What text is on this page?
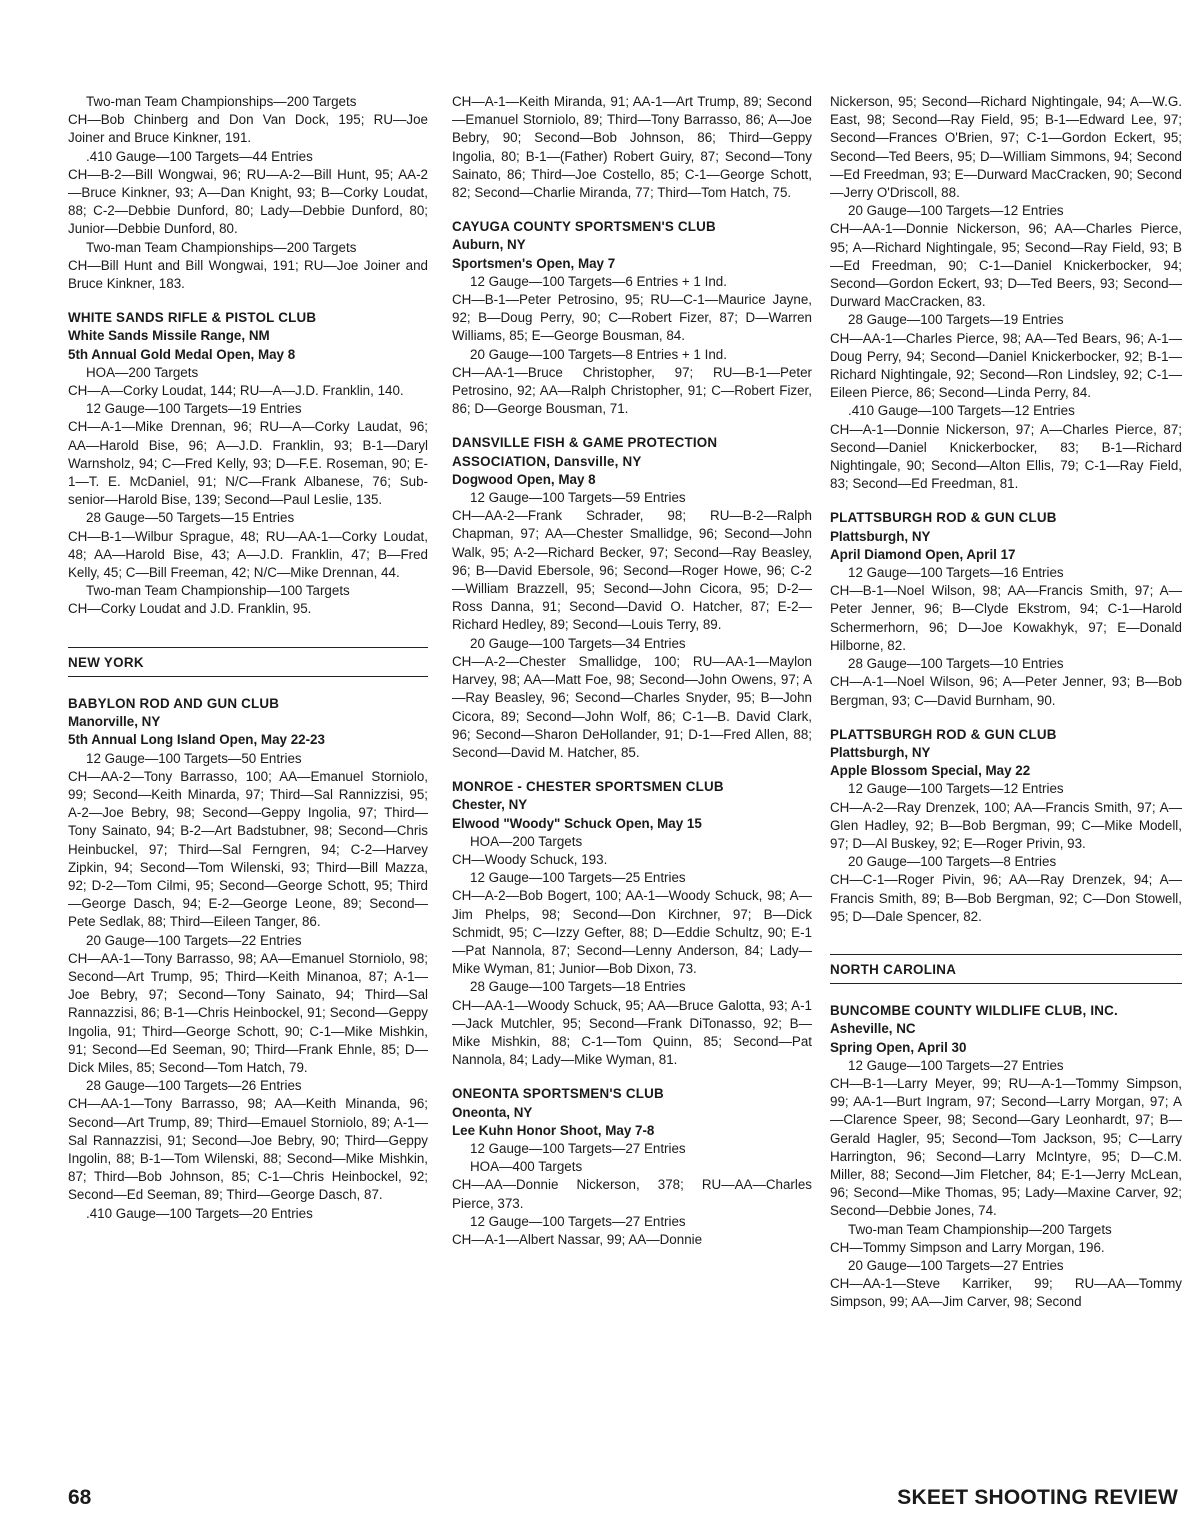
Two-man Team Championships—200 Targets

CH—Bob Chinberg and Don Van Dock, 195; RU—Joe Joiner and Bruce Kinkner, 191.

.410 Gauge—100 Targets—44 Entries

CH—B-2—Bill Wongwai, 96; RU—A-2—Bill Hunt, 95; AA-2—Bruce Kinkner, 93; A—Dan Knight, 93; B—Corky Loudat, 88; C-2—Debbie Dunford, 80; Lady—Debbie Dunford, 80; Junior—Debbie Dunford, 80.

Two-man Team Championships—200 Targets

CH—Bill Hunt and Bill Wongwai, 191; RU—Joe Joiner and Bruce Kinkner, 183.

WHITE SANDS RIFLE & PISTOL CLUB

White Sands Missile Range, NM

5th Annual Gold Medal Open, May 8

HOA—200 Targets

CH—A—Corky Loudat, 144; RU—A—J.D. Franklin, 140.

12 Gauge—100 Targets—19 Entries

CH—A-1—Mike Drennan, 96; RU—A—Corky Laudat, 96; AA—Harold Bise, 96; A—J.D. Franklin, 93; B-1—Daryl Warnsholz, 94; C—Fred Kelly, 93; D—F.E. Roseman, 90; E-1—T. E. McDaniel, 91; N/C—Frank Albanese, 76; Sub-senior—Harold Bise, 139; Second—Paul Leslie, 135.

28 Gauge—50 Targets—15 Entries

CH—B-1—Wilbur Sprague, 48; RU—AA-1—Corky Loudat, 48; AA—Harold Bise, 43; A—J.D. Franklin, 47; B—Fred Kelly, 45; C—Bill Freeman, 42; N/C—Mike Drennan, 44.

Two-man Team Championship—100 Targets

CH—Corky Loudat and J.D. Franklin, 95.

NEW YORK

BABYLON ROD AND GUN CLUB

Manorville, NY

5th Annual Long Island Open, May 22-23

12 Gauge—100 Targets—50 Entries

CH—AA-2—Tony Barrasso, 100; AA—Emanuel Storniolo, 99; Second—Keith Minarda, 97; Third—Sal Rannizzisi, 95; A-2—Joe Bebry, 98; Second—Geppy Ingolia, 97; Third—Tony Sainato, 94; B-2—Art Badstubner, 98; Second—Chris Heinbuckel, 97; Third—Sal Ferngren, 94; C-2—Harvey Zipkin, 94; Second—Tom Wilenski, 93; Third—Bill Mazza, 92; D-2—Tom Cilmi, 95; Second—George Schott, 95; Third—George Dasch, 94; E-2—George Leone, 89; Second—Pete Sedlak, 88; Third—Eileen Tanger, 86.

20 Gauge—100 Targets—22 Entries

CH—AA-1—Tony Barrasso, 98; AA—Emanuel Storniolo, 98; Second—Art Trump, 95; Third—Keith Minanoa, 87; A-1—Joe Bebry, 97; Second—Tony Sainato, 94; Third—Sal Rannazzisi, 86; B-1—Chris Heinbockel, 91; Second—Geppy Ingolia, 91; Third—George Schott, 90; C-1—Mike Mishkin, 91; Second—Ed Seeman, 90; Third—Frank Ehnle, 85; D—Dick Miles, 85; Second—Tom Hatch, 79.

28 Gauge—100 Targets—26 Entries

CH—AA-1—Tony Barrasso, 98; AA—Keith Minanda, 96; Second—Art Trump, 89; Third—Emauel Storniolo, 89; A-1—Sal Rannazzisi, 91; Second—Joe Bebry, 90; Third—Geppy Ingolin, 88; B-1—Tom Wilenski, 88; Second—Mike Mishkin, 87; Third—Bob Johnson, 85; C-1—Chris Heinbockel, 92; Second—Ed Seeman, 89; Third—George Dasch, 87.

.410 Gauge—100 Targets—20 Entries

CH—A-1—Keith Miranda, 91; AA-1—Art Trump, 89; Second—Emanuel Storniolo, 89; Third—Tony Barrasso, 86; A—Joe Bebry, 90; Second—Bob Johnson, 86; Third—Geppy Ingolia, 80; B-1—(Father) Robert Guiry, 87; Second—Tony Sainato, 86; Third—Joe Costello, 85; C-1—George Schott, 82; Second—Charlie Miranda, 77; Third—Tom Hatch, 75.

CAYUGA COUNTY SPORTSMEN'S CLUB

Auburn, NY

Sportsmen's Open, May 7

12 Gauge—100 Targets—6 Entries + 1 Ind.

CH—B-1—Peter Petrosino, 95; RU—C-1—Maurice Jayne, 92; B—Doug Perry, 90; C—Robert Fizer, 87; D—Warren Williams, 85; E—George Bousman, 84.

20 Gauge—100 Targets—8 Entries + 1 Ind.

CH—AA-1—Bruce Christopher, 97; RU—B-1—Peter Petrosino, 92; AA—Ralph Christopher, 91; C—Robert Fizer, 86; D—George Bousman, 71.

DANSVILLE FISH & GAME PROTECTION ASSOCIATION, Dansville, NY

Dogwood Open, May 8

12 Gauge—100 Targets—59 Entries

CH—AA-2—Frank Schrader, 98; RU—B-2—Ralph Chapman, 97; AA—Chester Smallidge, 96; Second—John Walk, 95; A-2—Richard Becker, 97; Second—Ray Beasley, 96; B—David Ebersole, 96; Second—Roger Howe, 96; C-2—William Brazzell, 95; Second—John Cicora, 95; D-2—Ross Danna, 91; Second—David O. Hatcher, 87; E-2—Richard Hedley, 89; Second—Louis Terry, 89.

20 Gauge—100 Targets—34 Entries

CH—A-2—Chester Smallidge, 100; RU—AA-1—Maylon Harvey, 98; AA—Matt Foe, 98; Second—John Owens, 97; A—Ray Beasley, 96; Second—Charles Snyder, 95; B—John Cicora, 89; Second—John Wolf, 86; C-1—B. David Clark, 96; Second—Sharon DeHollander, 91; D-1—Fred Allen, 88; Second—David M. Hatcher, 85.

MONROE - CHESTER SPORTSMEN CLUB

Chester, NY

Elwood "Woody" Schuck Open, May 15

HOA—200 Targets

CH—Woody Schuck, 193.

12 Gauge—100 Targets—25 Entries

CH—A-2—Bob Bogert, 100; AA-1—Woody Schuck, 98; A—Jim Phelps, 98; Second—Don Kirchner, 97; B—Dick Schmidt, 95; C—Izzy Gefter, 88; D—Eddie Schultz, 90; E-1—Pat Nannola, 87; Second—Lenny Anderson, 84; Lady—Mike Wyman, 81; Junior—Bob Dixon, 73.

28 Gauge—100 Targets—18 Entries

CH—AA-1—Woody Schuck, 95; AA—Bruce Galotta, 93; A-1—Jack Mutchler, 95; Second—Frank DiTonasso, 92; B—Mike Mishkin, 88; C-1—Tom Quinn, 85; Second—Pat Nannola, 84; Lady—Mike Wyman, 81.

ONEONTA SPORTSMEN'S CLUB

Oneonta, NY

Lee Kuhn Honor Shoot, May 7-8

12 Gauge—100 Targets—27 Entries

HOA—400 Targets

CH—AA—Donnie Nickerson, 378; RU—AA—Charles Pierce, 373.

12 Gauge—100 Targets—27 Entries

CH—A-1—Albert Nassar, 99; AA—Donnie

Nickerson, 95; Second—Richard Nightingale, 94; A—W.G. East, 98; Second—Ray Field, 95; B-1—Edward Lee, 97; Second—Frances O'Brien, 97; C-1—Gordon Eckert, 95; Second—Ted Beers, 95; D—William Simmons, 94; Second—Ed Freedman, 93; E—Durward MacCracken, 90; Second—Jerry O'Driscoll, 88.

20 Gauge—100 Targets—12 Entries

CH—AA-1—Donnie Nickerson, 96; AA—Charles Pierce, 95; A—Richard Nightingale, 95; Second—Ray Field, 93; B—Ed Freedman, 90; C-1—Daniel Knickerbocker, 94; Second—Gordon Eckert, 93; D—Ted Beers, 93; Second—Durward MacCracken, 83.

28 Gauge—100 Targets—19 Entries

CH—AA-1—Charles Pierce, 98; AA—Ted Bears, 96; A-1—Doug Perry, 94; Second—Daniel Knickerbocker, 92; B-1—Richard Nightingale, 92; Second—Ron Lindsley, 92; C-1—Eileen Pierce, 86; Second—Linda Perry, 84.

.410 Gauge—100 Targets—12 Entries

CH—A-1—Donnie Nickerson, 97; A—Charles Pierce, 87; Second—Daniel Knickerbocker, 83; B-1—Richard Nightingale, 90; Second—Alton Ellis, 79; C-1—Ray Field, 83; Second—Ed Freedman, 81.

PLATTSBURGH ROD & GUN CLUB

Plattsburgh, NY

April Diamond Open, April 17

12 Gauge—100 Targets—16 Entries

CH—B-1—Noel Wilson, 98; AA—Francis Smith, 97; A—Peter Jenner, 96; B—Clyde Ekstrom, 94; C-1—Harold Schermerhorn, 96; D—Joe Kowakhyk, 97; E—Donald Hilborne, 82.

28 Gauge—100 Targets—10 Entries

CH—A-1—Noel Wilson, 96; A—Peter Jenner, 93; B—Bob Bergman, 93; C—David Burnham, 90.

PLATTSBURGH ROD & GUN CLUB

Plattsburgh, NY

Apple Blossom Special, May 22

12 Gauge—100 Targets—12 Entries

CH—A-2—Ray Drenzek, 100; AA—Francis Smith, 97; A—Glen Hadley, 92; B—Bob Bergman, 99; C—Mike Modell, 97; D—Al Buskey, 92; E—Roger Privin, 93.

20 Gauge—100 Targets—8 Entries

CH—C-1—Roger Pivin, 96; AA—Ray Drenzek, 94; A—Francis Smith, 89; B—Bob Bergman, 92; C—Don Stowell, 95; D—Dale Spencer, 82.

NORTH CAROLINA

BUNCOMBE COUNTY WILDLIFE CLUB, INC.

Asheville, NC

Spring Open, April 30

12 Gauge—100 Targets—27 Entries

CH—B-1—Larry Meyer, 99; RU—A-1—Tommy Simpson, 99; AA-1—Burt Ingram, 97; Second—Larry Morgan, 97; A—Clarence Speer, 98; Second—Gary Leonhardt, 97; B—Gerald Hagler, 95; Second—Tom Jackson, 95; C—Larry Harrington, 96; Second—Larry McIntyre, 95; D—C.M. Miller, 88; Second—Jim Fletcher, 84; E-1—Jerry McLean, 96; Second—Mike Thomas, 95; Lady—Maxine Carver, 92; Second—Debbie Jones, 74.

Two-man Team Championship—200 Targets

CH—Tommy Simpson and Larry Morgan, 196.

20 Gauge—100 Targets—27 Entries

CH—AA-1—Steve Karriker, 99; RU—AA—Tommy Simpson, 99; AA—Jim Carver, 98; Second

68	SKEET SHOOTING REVIEW
